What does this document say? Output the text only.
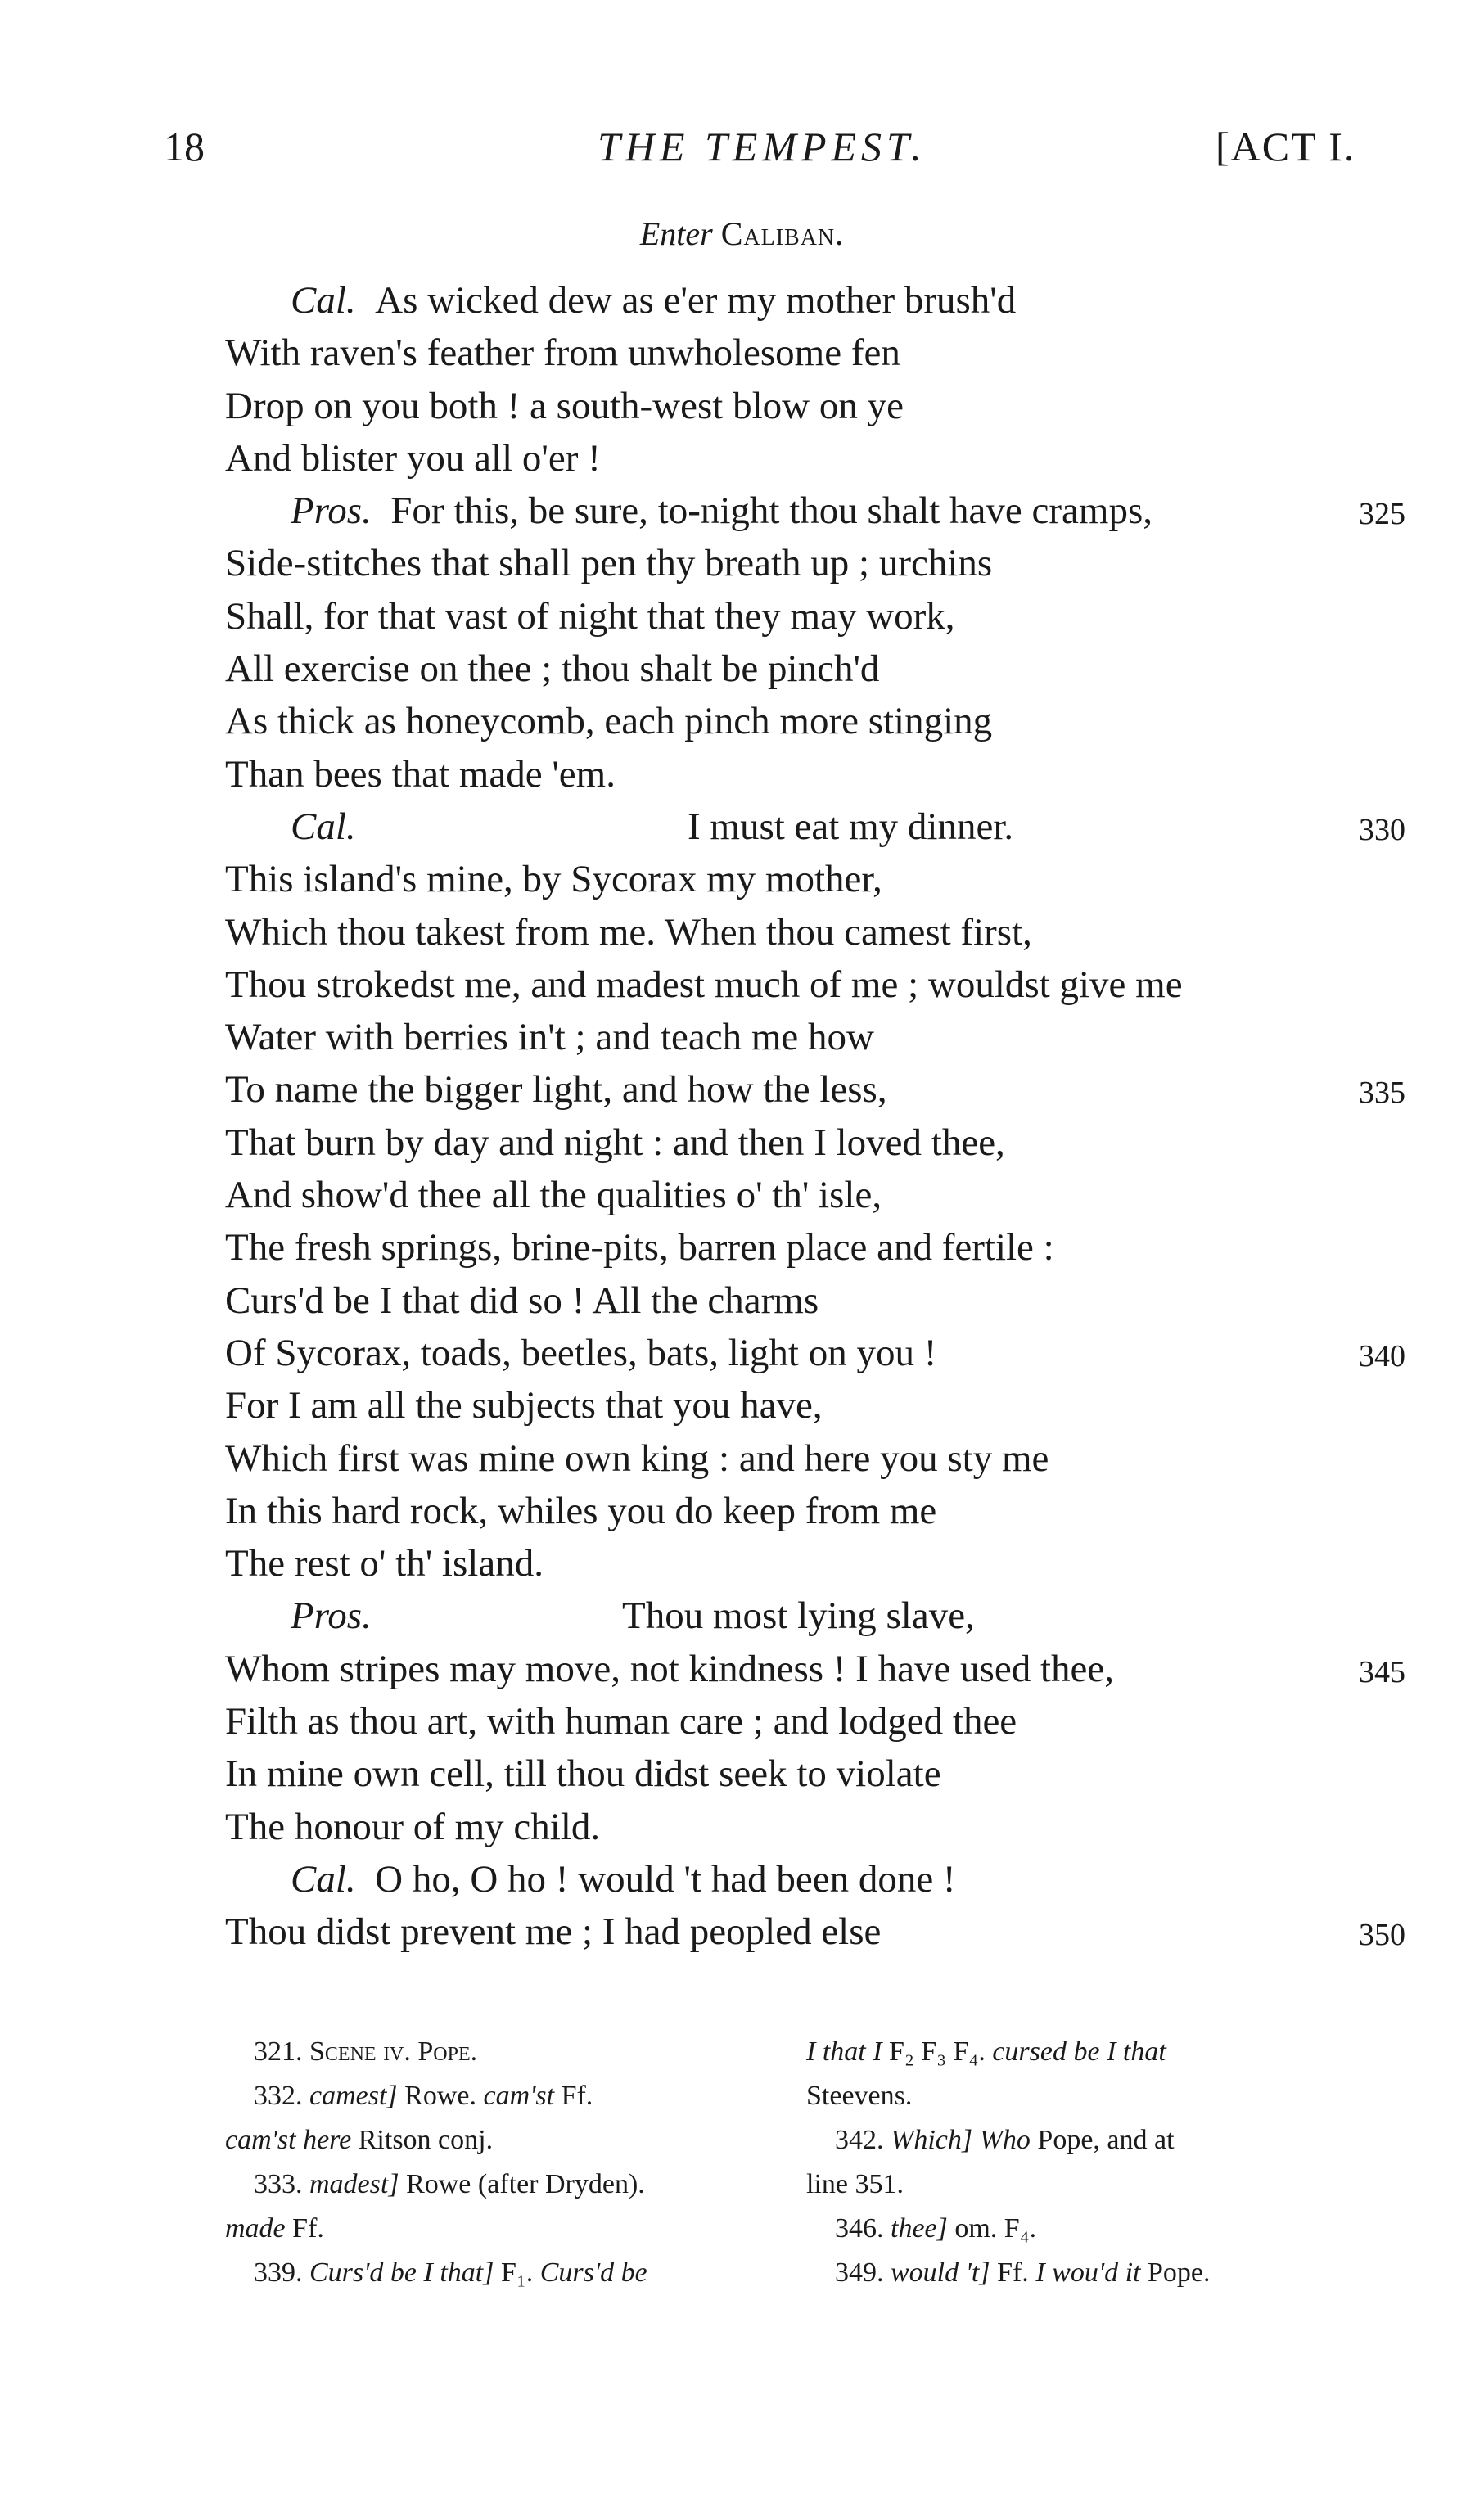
18	THE TEMPEST.	[ACT I.
Enter Caliban.
Cal.  As wicked dew as e'er my mother brush'd
With raven's feather from unwholesome fen
Drop on you both ! a south-west blow on ye
And blister you all o'er !
Pros.  For this, be sure, to-night thou shalt have cramps,	325
Side-stitches that shall pen thy breath up ; urchins
Shall, for that vast of night that they may work,
All exercise on thee ; thou shalt be pinch'd
As thick as honeycomb, each pinch more stinging
Than bees that made 'em.
Cal.	I must eat my dinner.	330
This island's mine, by Sycorax my mother,
Which thou takest from me. When thou camest first,
Thou strokedst me, and madest much of me ; wouldst give me
Water with berries in't ; and teach me how
To name the bigger light, and how the less,	335
That burn by day and night : and then I loved thee,
And show'd thee all the qualities o' th' isle,
The fresh springs, brine-pits, barren place and fertile :
Curs'd be I that did so ! All the charms
Of Sycorax, toads, beetles, bats, light on you !	340
For I am all the subjects that you have,
Which first was mine own king : and here you sty me
In this hard rock, whiles you do keep from me
The rest o' th' island.
Pros.	Thou most lying slave,
Whom stripes may move, not kindness ! I have used thee,	345
Filth as thou art, with human care ; and lodged thee
In mine own cell, till thou didst seek to violate
The honour of my child.
Cal.  O ho, O ho ! would 't had been done !
Thou didst prevent me ; I had peopled else	350
321. Scene iv. Pope.
332. camest] Rowe. cam'st Ff.
cam'st here Ritson conj.
333. madest] Rowe (after Dryden).
made Ff.
339. Curs'd be I that] F₁. Curs'd be
I that I F₂ F₃ F₄. cursed be I that
Steevens.
342. Which] Who Pope, and at
line 351.
346. thee] om. F₄.
349. would 't] Ff. I wou'd it Pope.
